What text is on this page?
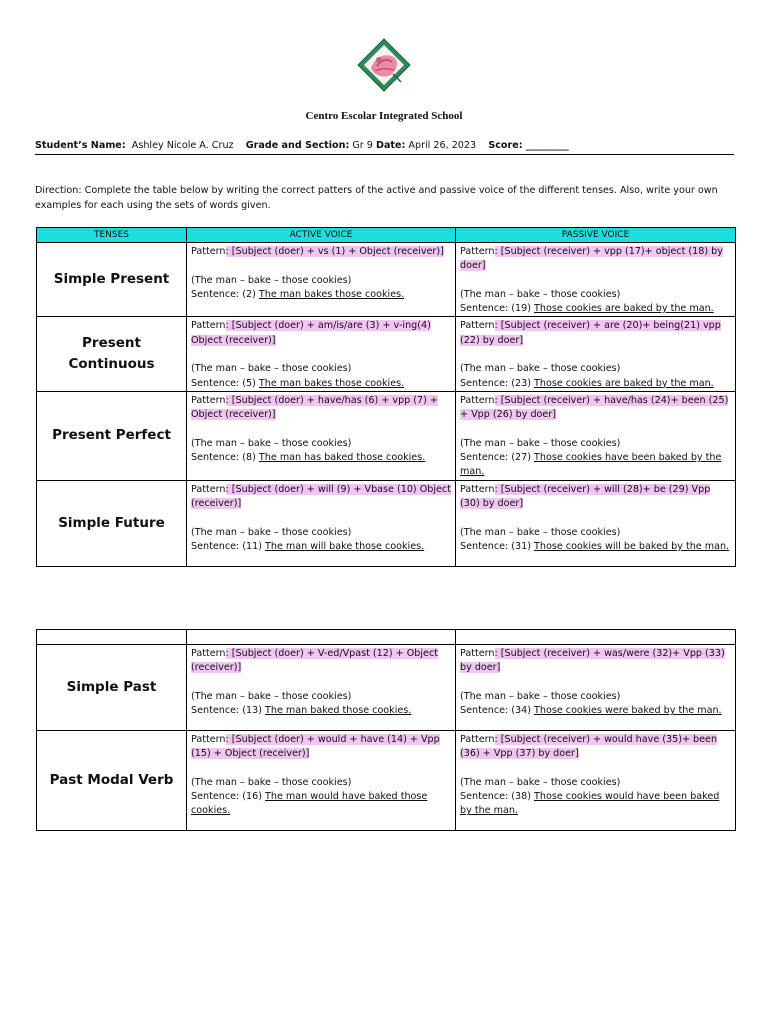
Centro Escolar Integrated School
Student’s Name: Ashley Nicole A. Cruz Grade and Section: Gr 9 Date: April 26, 2023 Score: _________
Direction: Complete the table below by writing the correct patters of the active and passive voice of the different tenses. Also, write your own examples for each using the sets of words given.
TENSES	ACTIVE VOICE	PASSIVE VOICE
Simple Present	Pattern: [Subject (doer) + vs (1) + Object (receiver)]
(The man – bake – those cookies)
Sentence: (2) The man bakes those cookies.	Pattern: [Subject (receiver) + vpp (17)+ object (18) by doer]
(The man – bake – those cookies)
Sentence: (19) Those cookies are baked by the man.
Present Continuous	Pattern: [Subject (doer) + am/is/are (3) + v-ing(4) Object (receiver)]
(The man – bake – those cookies)
Sentence: (5) The man bakes those cookies.	Pattern: [Subject (receiver) + are (20)+ being(21) vpp (22) by doer]
(The man – bake – those cookies)
Sentence: (23) Those cookies are baked by the man.
Present Perfect	Pattern: [Subject (doer) + have/has (6) + vpp (7) + Object (receiver)]
(The man – bake – those cookies)
Sentence: (8) The man has baked those cookies.	Pattern: [Subject (receiver) + have/has (24)+ been (25) + Vpp (26) by doer]
(The man – bake – those cookies)
Sentence: (27) Those cookies have been baked by the man.
Simple Future	Pattern: [Subject (doer) + will (9) + Vbase (10) Object (receiver)]
(The man – bake – those cookies)
Sentence: (11) The man will bake those cookies.	Pattern: [Subject (receiver) + will (28)+ be (29) Vpp (30) by doer]
(The man – bake – those cookies)
Sentence: (31) Those cookies will be baked by the man.

Simple Past	Pattern: [Subject (doer) + V-ed/Vpast (12) + Object (receiver)]
(The man – bake – those cookies)
Sentence: (13) The man baked those cookies.	Pattern: [Subject (receiver) + was/were (32)+ Vpp (33) by doer]
(The man – bake – those cookies)
Sentence: (34) Those cookies were baked by the man.
Past Modal Verb	Pattern: [Subject (doer) + would + have (14) + Vpp (15) + Object (receiver)]
(The man – bake – those cookies)
Sentence: (16) The man would have baked those cookies.	Pattern: [Subject (receiver) + would have (35)+ been (36) + Vpp (37) by doer]
(The man – bake – those cookies)
Sentence: (38) Those cookies would have been baked by the man.
